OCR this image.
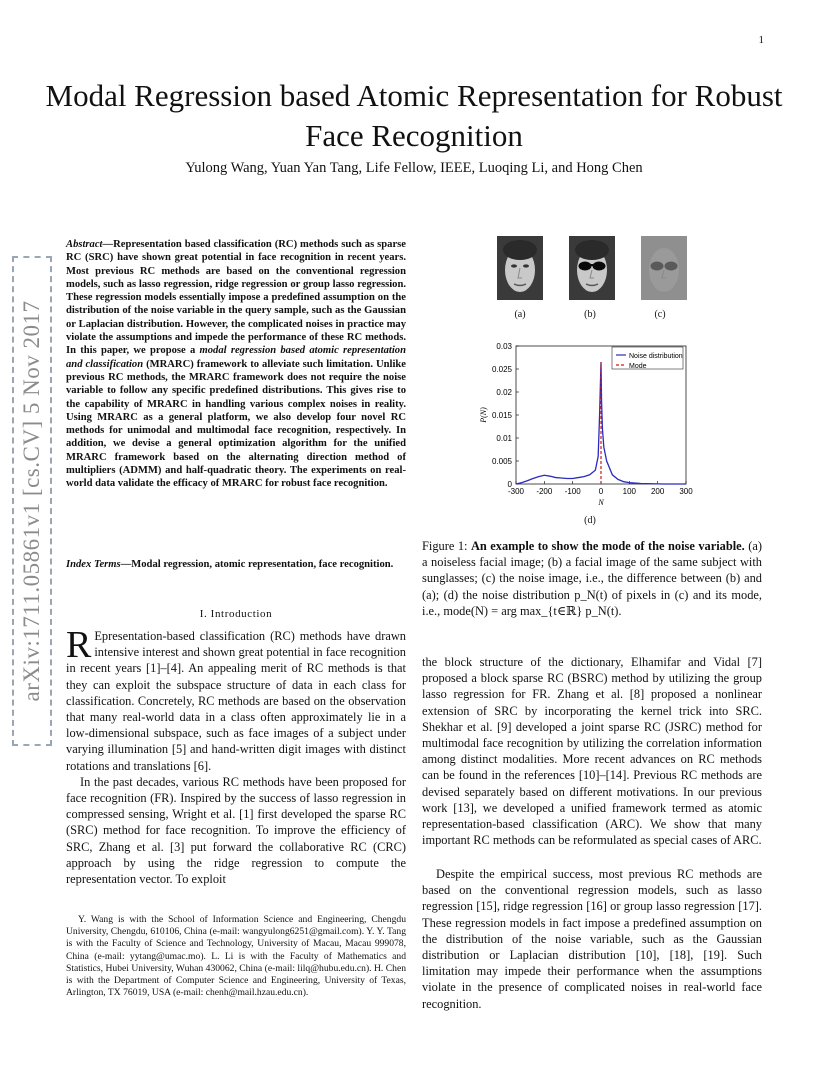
1
arXiv:1711.05861v1 [cs.CV] 5 Nov 2017
Modal Regression based Atomic Representation for Robust Face Recognition
Yulong Wang, Yuan Yan Tang, Life Fellow, IEEE, Luoqing Li, and Hong Chen
Abstract—Representation based classification (RC) methods such as sparse RC (SRC) have shown great potential in face recognition in recent years. Most previous RC methods are based on the conventional regression models, such as lasso regression, ridge regression or group lasso regression. These regression models essentially impose a predefined assumption on the distribution of the noise variable in the query sample, such as the Gaussian or Laplacian distribution. However, the complicated noises in practice may violate the assumptions and impede the performance of these RC methods. In this paper, we propose a modal regression based atomic representation and classification (MRARC) framework to alleviate such limitation. Unlike previous RC methods, the MRARC framework does not require the noise variable to follow any specific predefined distributions. This gives rise to the capability of MRARC in handling various complex noises in reality. Using MRARC as a general platform, we also develop four novel RC methods for unimodal and multimodal face recognition, respectively. In addition, we devise a general optimization algorithm for the unified MRARC framework based on the alternating direction method of multipliers (ADMM) and half-quadratic theory. The experiments on real-world data validate the efficacy of MRARC for robust face recognition.
Index Terms—Modal regression, atomic representation, face recognition.
I. Introduction

R Epresentation-based classification (RC) methods have drawn intensive interest and shown great potential in face recognition in recent years [1]–[4]. An appealing merit of RC methods is that they can exploit the subspace structure of data in each class for classification. Concretely, RC methods are based on the observation that many real-world data in a class often approximately lie in a low-dimensional subspace, such as face images of a subject under varying illumination [5] and hand-written digit images with distinct rotations and translations [6].

In the past decades, various RC methods have been proposed for face recognition (FR). Inspired by the success of lasso regression in compressed sensing, Wright et al. [1] first developed the sparse RC (SRC) method for face recognition. To improve the efficiency of SRC, Zhang et al. [3] put forward the collaborative RC (CRC) approach by using the ridge regression to compute the representation vector. To exploit

Y. Wang is with the School of Information Science and Engineering, Chengdu University, Chengdu, 610106, China (e-mail: wangyulong6251@gmail.com). Y. Y. Tang is with the Faculty of Science and Technology, University of Macau, Macau 999078, China (e-mail: yytang@umac.mo). L. Li is with the Faculty of Mathematics and Statistics, Hubei University, Wuhan 430062, China (e-mail: lilq@hubu.edu.cn). H. Chen is with the Department of Computer Science and Engineering, University of Texas, Arlington, TX 76019, USA (e-mail: chenh@mail.hzau.edu.cn).
(a)	(b)	(c)
-300 -200 -100 0 100 200 300
0
0.005
0.01
0.015
0.02
0.025
0.03
N
P(N)
Noise distribution
Mode
(d)
Figure 1: An example to show the mode of the noise variable. (a) a noiseless facial image; (b) a facial image of the same subject with sunglasses; (c) the noise image, i.e., the difference between (b) and (a); (d) the noise distribution p_N(t) of pixels in (c) and its mode, i.e., mode(N) = arg max_{t∈ℝ} p_N(t).
the block structure of the dictionary, Elhamifar and Vidal [7] proposed a block sparse RC (BSRC) method by utilizing the group lasso regression for FR. Zhang et al. [8] proposed a nonlinear extension of SRC by incorporating the kernel trick into SRC. Shekhar et al. [9] developed a joint sparse RC (JSRC) method for multimodal face recognition by utilizing the correlation information among distinct modalities. More recent advances on RC methods can be found in the references [10]–[14]. Previous RC methods are devised separately based on different motivations. In our previous work [13], we developed a unified framework termed as atomic representation-based classification (ARC). We show that many important RC methods can be reformulated as special cases of ARC.
Despite the empirical success, most previous RC methods are based on the conventional regression models, such as lasso regression [15], ridge regression [16] or group lasso regression [17]. These regression models in fact impose a predefined assumption on the distribution of the noise variable, such as the Gaussian distribution or Laplacian distribution [10], [18], [19]. Such limitation may impede their performance when the assumptions violate in the presence of complicated noises in real-world face recognition.
